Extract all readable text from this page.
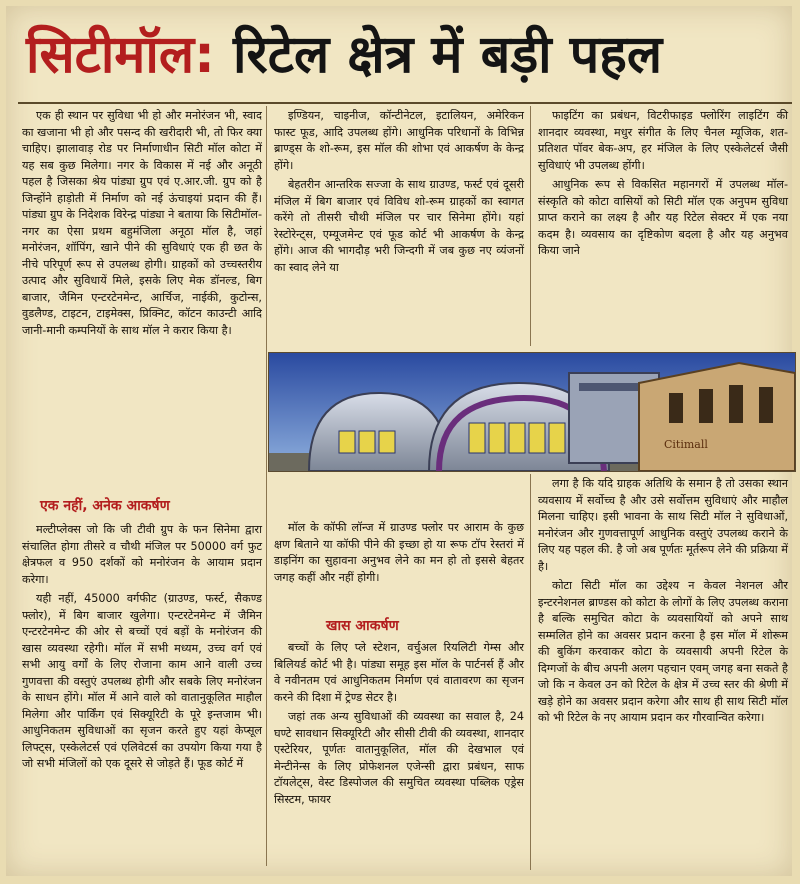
सिटीमॉल: रिटेल क्षेत्र में बड़ी पहल

एक ही स्थान पर सुविधा भी हो और मनोरंजन भी, स्वाद का खजाना भी हो और पसन्द की खरीदारी भी, तो फिर क्या चाहिए। झालावाड़ रोड पर निर्माणाधीन सिटी मॉल कोटा में यह सब कुछ मिलेगा। नगर के विकास में नई और अनूठी पहल है जिसका श्रेय पांड्या ग्रुप एवं ए.आर.जी. ग्रुप को है जिन्होंने हाड़ोती में निर्माण को नई ऊंचाइयां प्रदान की हैं। पांड्या ग्रुप के निदेशक विरेन्द्र पांड्या ने बताया कि सिटीमॉल-नगर का ऐसा प्रथम बहुमंजिला अनूठा मॉल है, जहां मनोरंजन, शॉपिंग, खाने पीने की सुविधाएं एक ही छत के नीचे परिपूर्ण रूप से उपलब्ध होगी। ग्राहकों को उच्चस्तरीय उत्पाद और सुविधायें मिले, इसके लिए मेक डॉनल्ड, बिग बाजार, जैमिन एन्टरटेनमेन्ट, आर्चिज, नाईकी, कुटोन्स, वुडलैण्ड, टाइटन, टाइमेक्स, प्रिक्निट, कॉटन काउन्टी आदि जानी-मानी कम्पनियों के साथ मॉल ने करार किया है।

एक नहीं, अनेक आकर्षण

मल्टीप्लेक्स जो कि जी टीवी ग्रुप के फन सिनेमा द्वारा संचालित होगा तीसरे व चौथी मंजिल पर 50000 वर्ग फुट क्षेत्रफल व 950 दर्शकों को मनोरंजन के आयाम प्रदान करेगा।

यही नहीं, 45000 वर्गफीट (ग्राउण्ड, फर्स्ट, सैकण्ड फ्लोर), में बिग बाजार खुलेगा। एन्टरटेनमेन्ट में जैमिन एन्टरटेनमेन्ट की ओर से बच्चों एवं बड़ों के मनोरंजन की खास व्यवस्था रहेगी। मॉल में सभी मध्यम, उच्च वर्ग एवं सभी आयु वर्गों के लिए रोजाना काम आने वाली उच्च गुणवत्ता की वस्तुएं उपलब्ध होगी और सबके लिए मनोरंजन के साधन होंगे। मॉल में आने वाले को वातानुकूलित माहौल मिलेगा और पार्किंग एवं सिक्यूरिटी के पूरे इन्तजाम भी। आधुनिकतम सुविधाओं का सृजन करते हुए यहां केप्सूल लिफ्ट्स, एस्केलेटर्स एवं एलिवेटर्स का उपयोग किया गया है जो सभी मंजिलों को एक दूसरे से जोड़ते हैं। फूड कोर्ट में

इण्डियन, चाइनीज, कॉन्टीनेटल, इटालियन, अमेरिकन फास्ट फूड, आदि उपलब्ध होंगे। आधुनिक परिधानों के विभिन्न ब्राण्ड्स के शो-रूम, इस मॉल की शोभा एवं आकर्षण के केन्द्र होंगे।

बेहतरीन आन्तरिक सज्जा के साथ ग्राउण्ड, फर्स्ट एवं दूसरी मंजिल में बिग बाजार एवं विविध शो-रूम ग्राहकों का स्वागत करेंगे तो तीसरी चौथी मंजिल पर चार सिनेमा होंगे। यहां रेस्टोरेन्ट्स, एम्यूजमेन्ट एवं फूड कोर्ट भी आकर्षण के केन्द्र होंगे। आज की भागदौड़ भरी जिन्दगी में जब कुछ नए व्यंजनों का स्वाद लेने या

फाइटिंग का प्रबंधन, विटरीफाइड फ्लोरिंग लाइटिंग की शानदार व्यवस्था, मधुर संगीत के लिए चैनल म्यूजिक, शत-प्रतिशत पॉवर बेक-अप, हर मंजिल के लिए एस्केलेटर्स जैसी सुविधाएं भी उपलब्ध होंगी।

आधुनिक रूप से विकसित महानगरों में उपलब्ध मॉल-संस्कृति को कोटा वासियों को सिटी मॉल एक अनुपम सुविधा प्राप्त कराने का लक्ष्य है और यह रिटेल सेक्टर में एक नया कदम है। व्यवसाय का दृष्टिकोण बदला है और यह अनुभव किया जाने

Citimall

मॉल के कॉफी लॉन्ज में ग्राउण्ड फ्लोर पर आराम के कुछ क्षण बिताने या कॉफी पीने की इच्छा हो या रूफ टॉप रेस्तरां में डाइनिंग का सुहावना अनुभव लेने का मन हो तो इससे बेहतर जगह कहीं और नहीं होगी।

खास आकर्षण

बच्चों के लिए प्ले स्टेशन, वर्चुअल रियलिटी गेम्स और बिलियर्ड कोर्ट भी है। पांड्या समूह इस मॉल के पार्टनर्स हैं और वे नवीनतम एवं आधुनिकतम निर्माण एवं वातावरण का सृजन करने की दिशा में ट्रेण्ड सेटर है।

जहां तक अन्य सुविधाओं की व्यवस्था का सवाल है, 24 घण्टे सावधान सिक्यूरिटी और सीसी टीवी की व्यवस्था, शानदार एस्टेरियर, पूर्णतः वातानुकूलित, मॉल की देखभाल एवं मेन्टीनेन्स के लिए प्रोफेशनल एजेन्सी द्वारा प्रबंधन, साफ टॉयलेट्स, वेस्ट डिस्पोजल की समुचित व्यवस्था पब्लिक एड्रेस सिस्टम, फायर

लगा है कि यदि ग्राहक अतिथि के समान है तो उसका स्थान व्यवसाय में सर्वोच्च है और उसे सर्वोत्तम सुविधाएं और माहौल मिलना चाहिए। इसी भावना के साथ सिटी मॉल ने सुविधाओं, मनोरंजन और गुणवत्तापूर्ण आधुनिक वस्तुएं उपलब्ध कराने के लिए यह पहल की. है जो अब पूर्णतः मूर्तरूप लेने की प्रक्रिया में है।

कोटा सिटी मॉल का उद्देश्य न केवल नेशनल और इन्टरनेशनल ब्राण्डस को कोटा के लोगों के लिए उपलब्ध कराना है बल्कि समुचित कोटा के व्यवसायियों को अपने साथ सम्मलित होने का अवसर प्रदान करना है इस मॉल में शोरूम की बुकिंग करवाकर कोटा के व्यवसायी अपनी रिटेल के दिग्गजों के बीच अपनी अलग पहचान एवम् जगह बना सकते है जो कि न केवल उन को रिटेल के क्षेत्र में उच्च स्तर की श्रेणी में खड़े होने का अवसर प्रदान करेगा और साथ ही साथ सिटी मॉल को भी रिटेल के नए आयाम प्रदान कर गौरवान्वित करेगा।
